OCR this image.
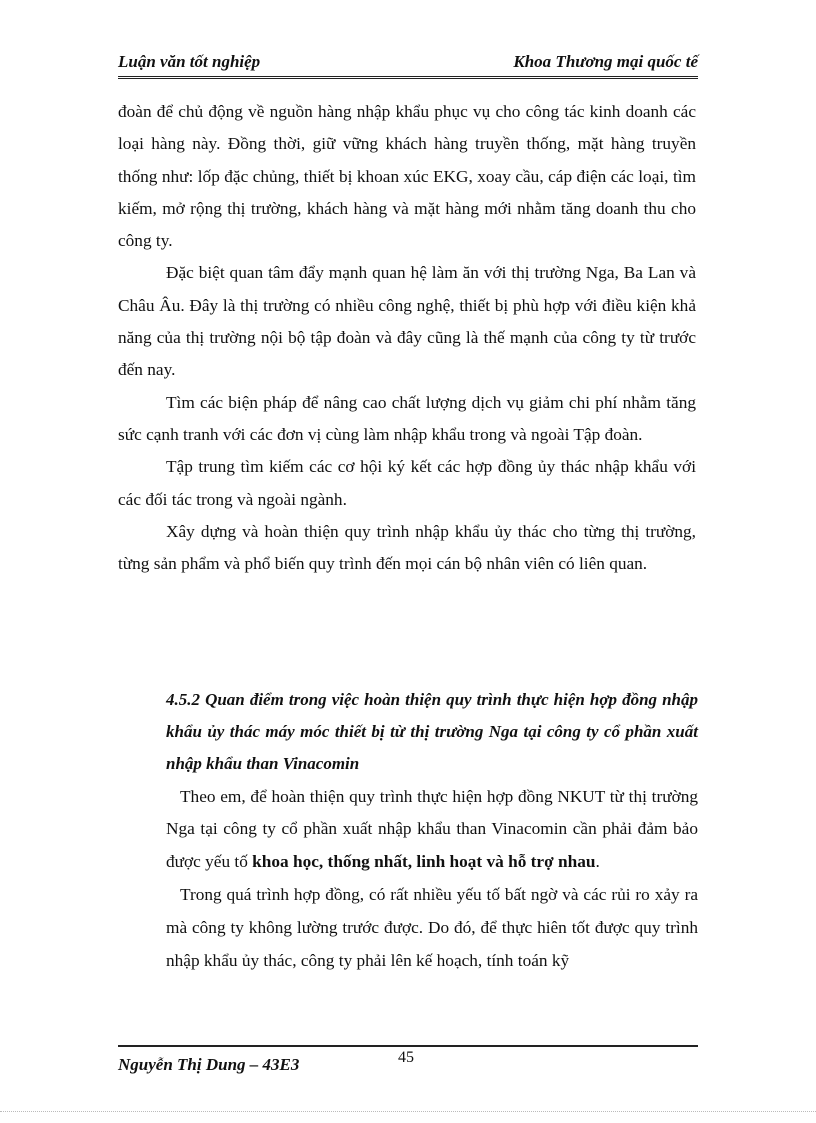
Luận văn tốt nghiệp	Khoa Thương mại quốc tế

đoàn để chủ động về nguồn hàng nhập khẩu phục vụ cho công tác kinh doanh các loại hàng này. Đồng thời, giữ vững khách hàng truyền thống, mặt hàng truyền thống như: lốp đặc chủng, thiết bị khoan xúc EKG, xoay cầu, cáp điện các loại, tìm kiếm, mở rộng thị trường, khách hàng và mặt hàng mới nhằm tăng doanh thu cho công ty.

Đặc biệt quan tâm đẩy mạnh quan hệ làm ăn với thị trường Nga, Ba Lan và Châu Âu. Đây là thị trường có nhiều công nghệ, thiết bị phù hợp với điều kiện khả năng của thị trường nội bộ tập đoàn và đây cũng là thế mạnh của công ty từ trước đến nay.

Tìm các biện pháp để nâng cao chất lượng dịch vụ giảm chi phí nhằm tăng sức cạnh tranh với các đơn vị cùng làm nhập khẩu trong và ngoài Tập đoàn.

Tập trung tìm kiếm các cơ hội ký kết các hợp đồng ủy thác nhập khẩu với các đối tác trong và ngoài ngành.

Xây dựng và hoàn thiện quy trình nhập khẩu ủy thác cho từng thị trường, từng sản phẩm và phổ biến quy trình đến mọi cán bộ nhân viên có liên quan.

4.5.2 Quan điểm trong việc hoàn thiện quy trình thực hiện hợp đồng nhập khẩu ủy thác máy móc thiết bị từ thị trường Nga tại công ty cổ phần xuất nhập khẩu than Vinacomin

Theo em, để hoàn thiện quy trình thực hiện hợp đồng NKUT từ thị trường Nga tại công ty cổ phần xuất nhập khẩu than Vinacomin cần phải đảm bảo được yếu tố khoa học, thống nhất, linh hoạt và hỗ trợ nhau.

Trong quá trình hợp đồng, có rất nhiều yếu tố bất ngờ và các rủi ro xảy ra mà công ty không lường trước được. Do đó, để thực hiên tốt được quy trình nhập khẩu ủy thác, công ty phải lên kế hoạch, tính toán kỹ

Nguyễn Thị Dung – 43E3	45
